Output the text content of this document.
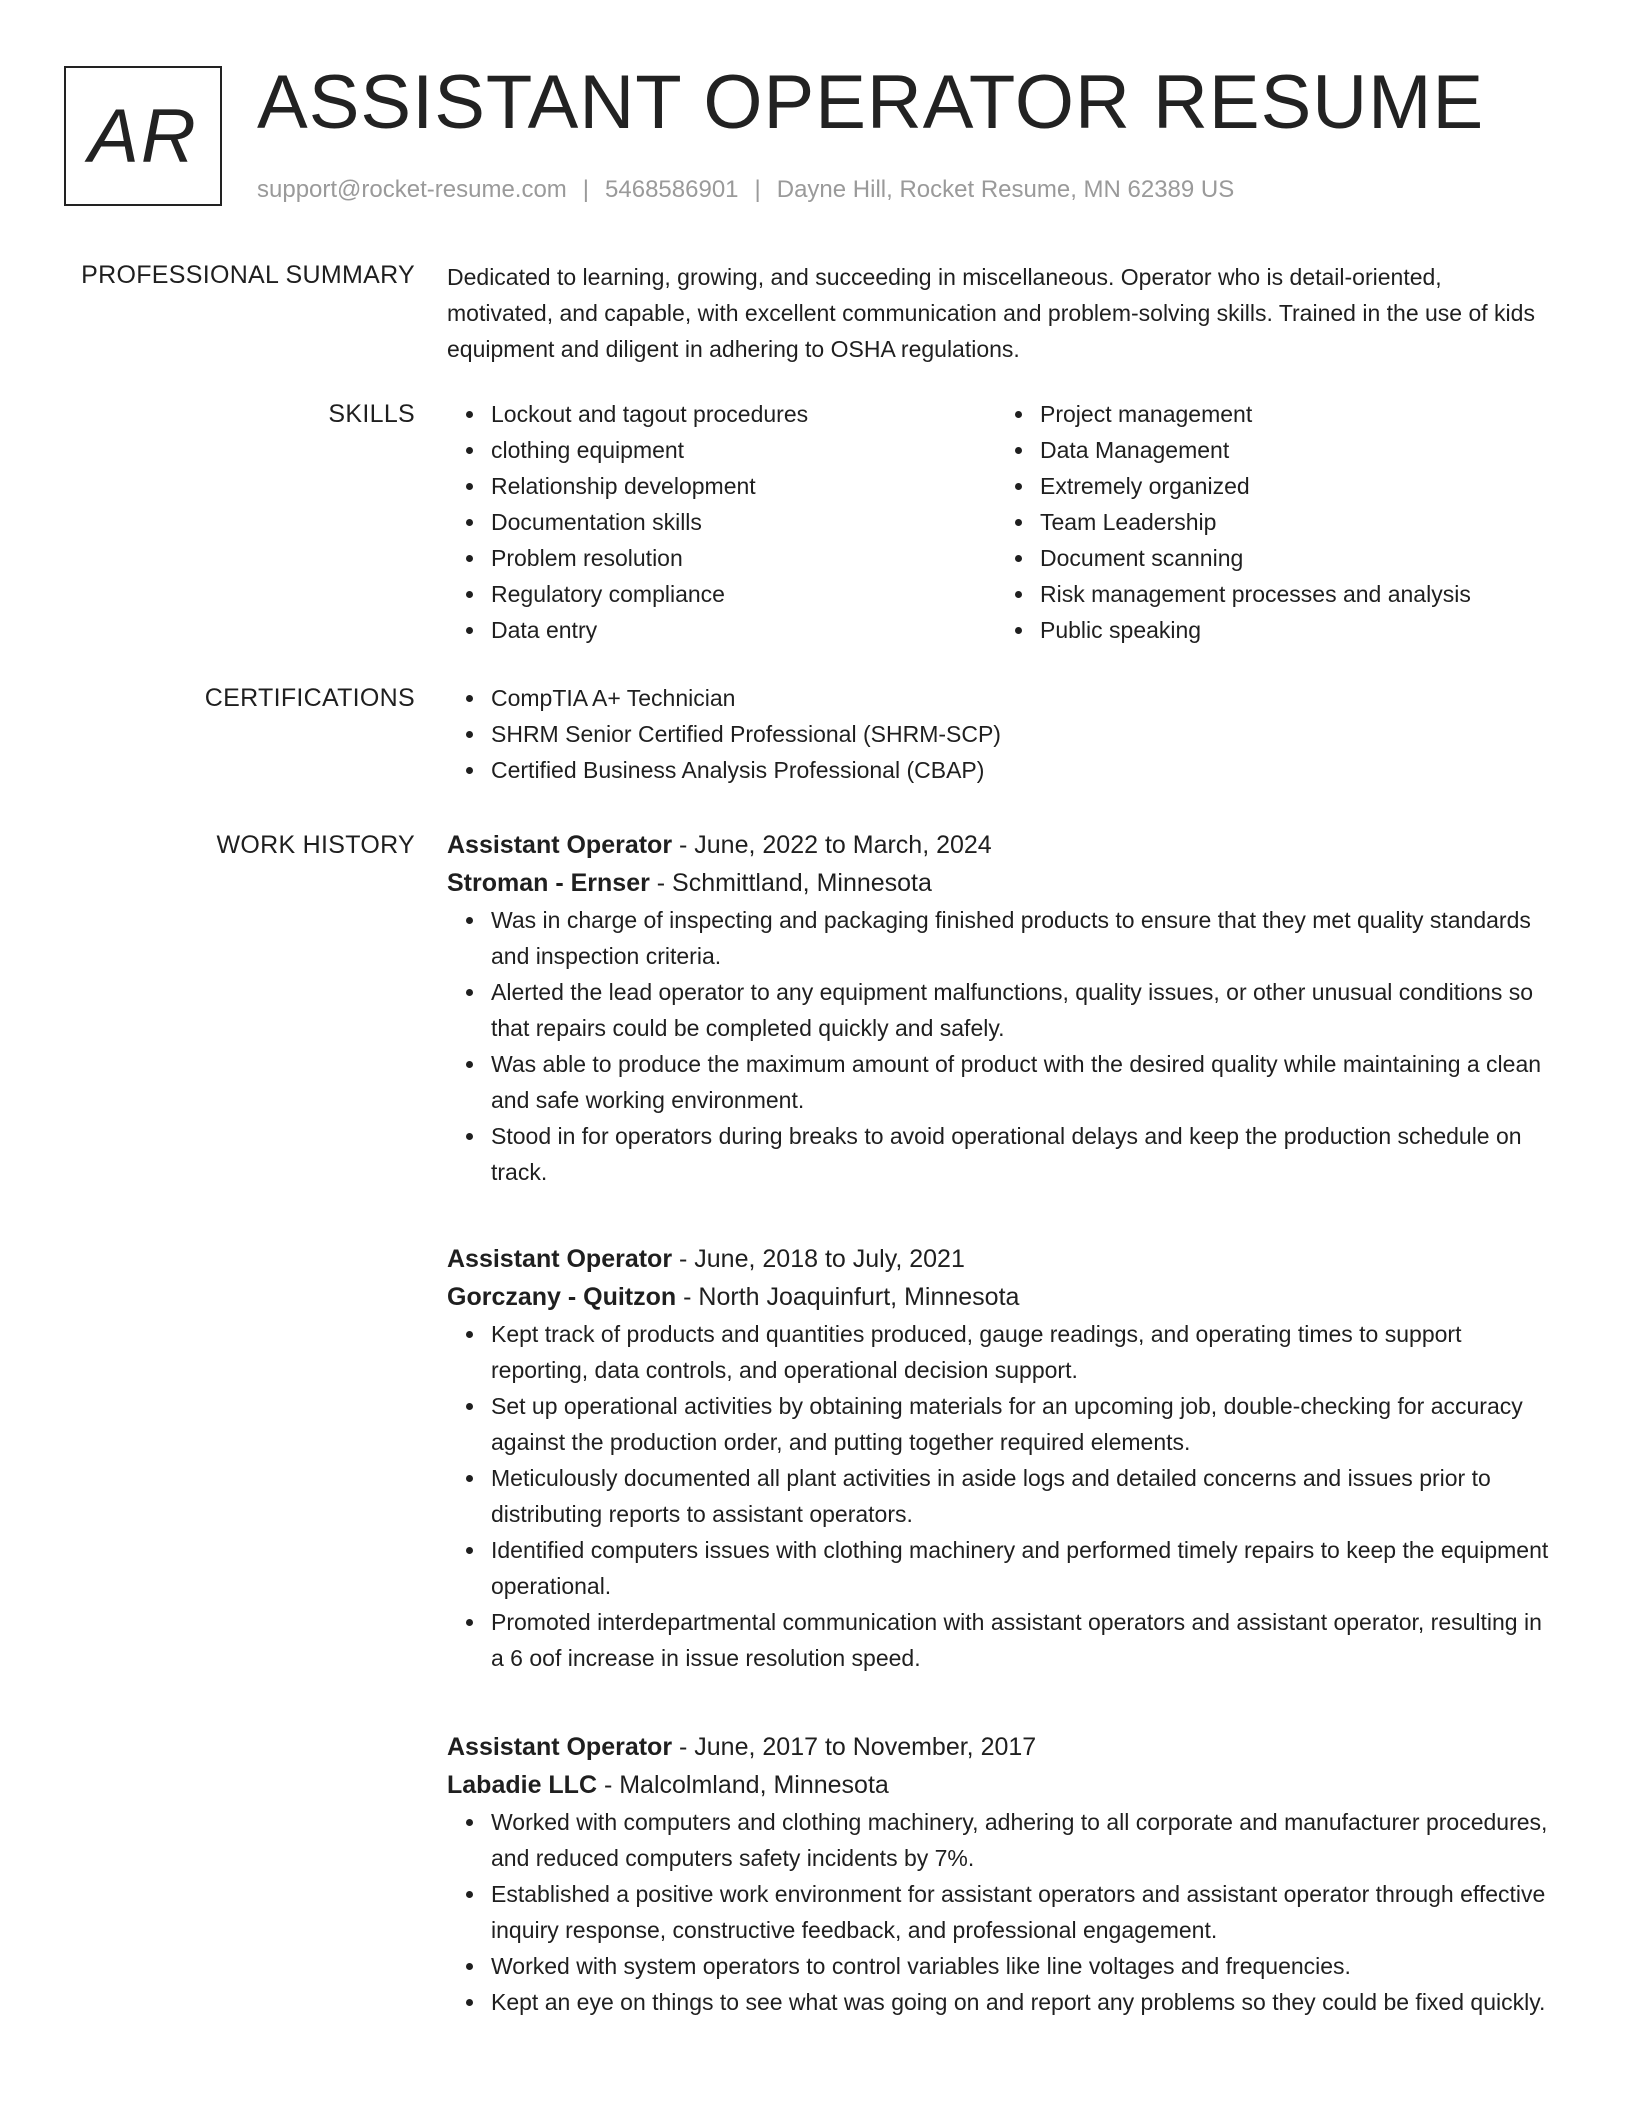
AR ASSISTANT OPERATOR RESUME
support@rocket-resume.com | 5468586901 | Dayne Hill, Rocket Resume, MN 62389 US
PROFESSIONAL SUMMARY Dedicated to learning, growing, and succeeding in miscellaneous. Operator who is detail-oriented, motivated, and capable, with excellent communication and problem-solving skills. Trained in the use of kids equipment and diligent in adhering to OSHA regulations.

SKILLS	Lockout and tagout procedures
clothing equipment
Relationship development
Documentation skills
Problem resolution
Regulatory compliance
Data entry
Project management
Data Management
Extremely organized
Team Leadership
Document scanning
Risk management processes and analysis
Public speaking
CERTIFICATIONS	CompTIA A+ Technician
SHRM Senior Certified Professional (SHRM-SCP)
Certified Business Analysis Professional (CBAP)
WORK HISTORY Assistant Operator - June, 2022 to March, 2024
Stroman - Ernser - Schmittland, Minnesota
Was in charge of inspecting and packaging finished products to ensure that they met quality standards and inspection criteria.
Alerted the lead operator to any equipment malfunctions, quality issues, or other unusual conditions so that repairs could be completed quickly and safely.
Was able to produce the maximum amount of product with the desired quality while maintaining a clean and safe working environment.
Stood in for operators during breaks to avoid operational delays and keep the production schedule on track.
Assistant Operator - June, 2018 to July, 2021
Gorczany - Quitzon - North Joaquinfurt, Minnesota
Kept track of products and quantities produced, gauge readings, and operating times to support reporting, data controls, and operational decision support.
Set up operational activities by obtaining materials for an upcoming job, double-checking for accuracy against the production order, and putting together required elements.
Meticulously documented all plant activities in aside logs and detailed concerns and issues prior to distributing reports to assistant operators.
Identified computers issues with clothing machinery and performed timely repairs to keep the equipment operational.
Promoted interdepartmental communication with assistant operators and assistant operator, resulting in a 6 oof increase in issue resolution speed.
Assistant Operator - June, 2017 to November, 2017
Labadie LLC - Malcolmland, Minnesota
Worked with computers and clothing machinery, adhering to all corporate and manufacturer procedures, and reduced computers safety incidents by 7%.
Established a positive work environment for assistant operators and assistant operator through effective inquiry response, constructive feedback, and professional engagement.
Worked with system operators to control variables like line voltages and frequencies.
Kept an eye on things to see what was going on and report any problems so they could be fixed quickly.
